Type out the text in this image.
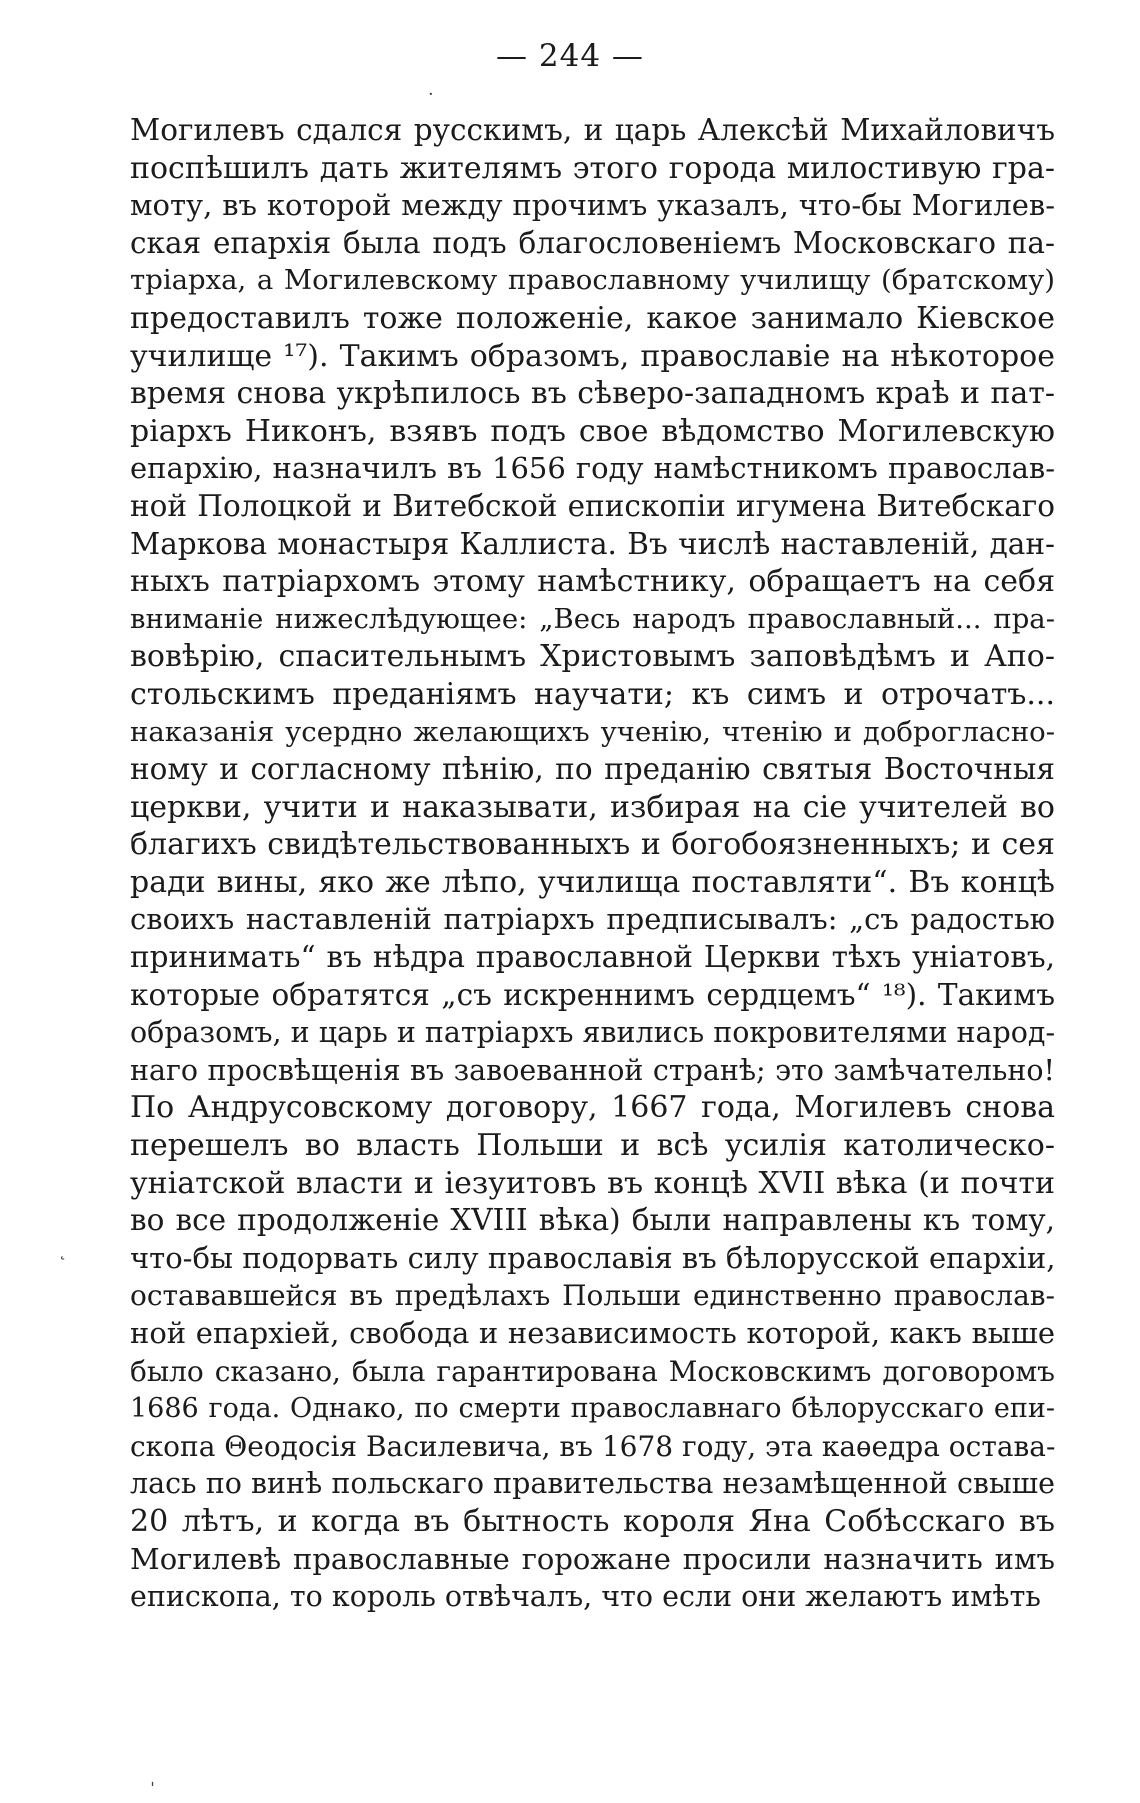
— 244 —
·
˛
ˌ
Могилевъ сдался русскимъ, и царь Алексѣй Михайловичъ
поспѣшилъ дать жителямъ этого города милостивую гра-
моту, въ которой между прочимъ указалъ, что-бы Могилев-
ская епархія была подъ благословеніемъ Московскаго па-
тріарха, а Могилевскому православному училищу (братскому)
предоставилъ тоже положеніе, какое занимало Кіевское
училище ¹⁷). Такимъ образомъ, православіе на нѣкоторое
время снова укрѣпилось въ сѣверо-западномъ краѣ и пат-
ріархъ Никонъ, взявъ подъ свое вѣдомство Могилевскую
епархію, назначилъ въ 1656 году намѣстникомъ православ-
ной Полоцкой и Витебской епископіи игумена Витебскаго
Маркова монастыря Каллиста. Въ числѣ наставленій, дан-
ныхъ патріархомъ этому намѣстнику, обращаетъ на себя
вниманіе нижеслѣдующее: „Весь народъ православный... пра-
вовѣрію, спасительнымъ Христовымъ заповѣдѣмъ и Апо-
стольскимъ преданіямъ научати; къ симъ и отрочатъ...
наказанія усердно желающихъ ученію, чтенію и доброгласно-
ному и согласному пѣнію, по преданію святыя Восточныя
церкви, учити и наказывати, избирая на сіе учителей во
благихъ свидѣтельствованныхъ и богобоязненныхъ; и сея
ради вины, яко же лѣпо, училища поставляти“. Въ концѣ
своихъ наставленій патріархъ предписывалъ: „съ радостью
принимать“ въ нѣдра православной Церкви тѣхъ уніатовъ,
которые обратятся „съ искреннимъ сердцемъ“ ¹⁸). Такимъ
образомъ, и царь и патріархъ явились покровителями народ-
наго просвѣщенія въ завоеванной странѣ; это замѣчательно!
По Андрусовскому договору, 1667 года, Могилевъ снова
перешелъ во власть Польши и всѣ усилія католическо-
уніатской власти и іезуитовъ въ концѣ XVII вѣка (и почти
во все продолженіе XVIII вѣка) были направлены къ тому,
что-бы подорвать силу православія въ бѣлорусской епархіи,
остававшейся въ предѣлахъ Польши единственно православ-
ной епархіей, свобода и независимость которой, какъ выше
было сказано, была гарантирована Московскимъ договоромъ
1686 года. Однако, по смерти православнаго бѣлорусскаго епи-
скопа Θеодосія Василевича, въ 1678 году, эта каѳедра остава-
лась по винѣ польскаго правительства незамѣщенной свыше
20 лѣтъ, и когда въ бытность короля Яна Собѣсскаго въ
Могилевѣ православные горожане просили назначить имъ
епископа, то король отвѣчалъ, что если они желаютъ имѣть
